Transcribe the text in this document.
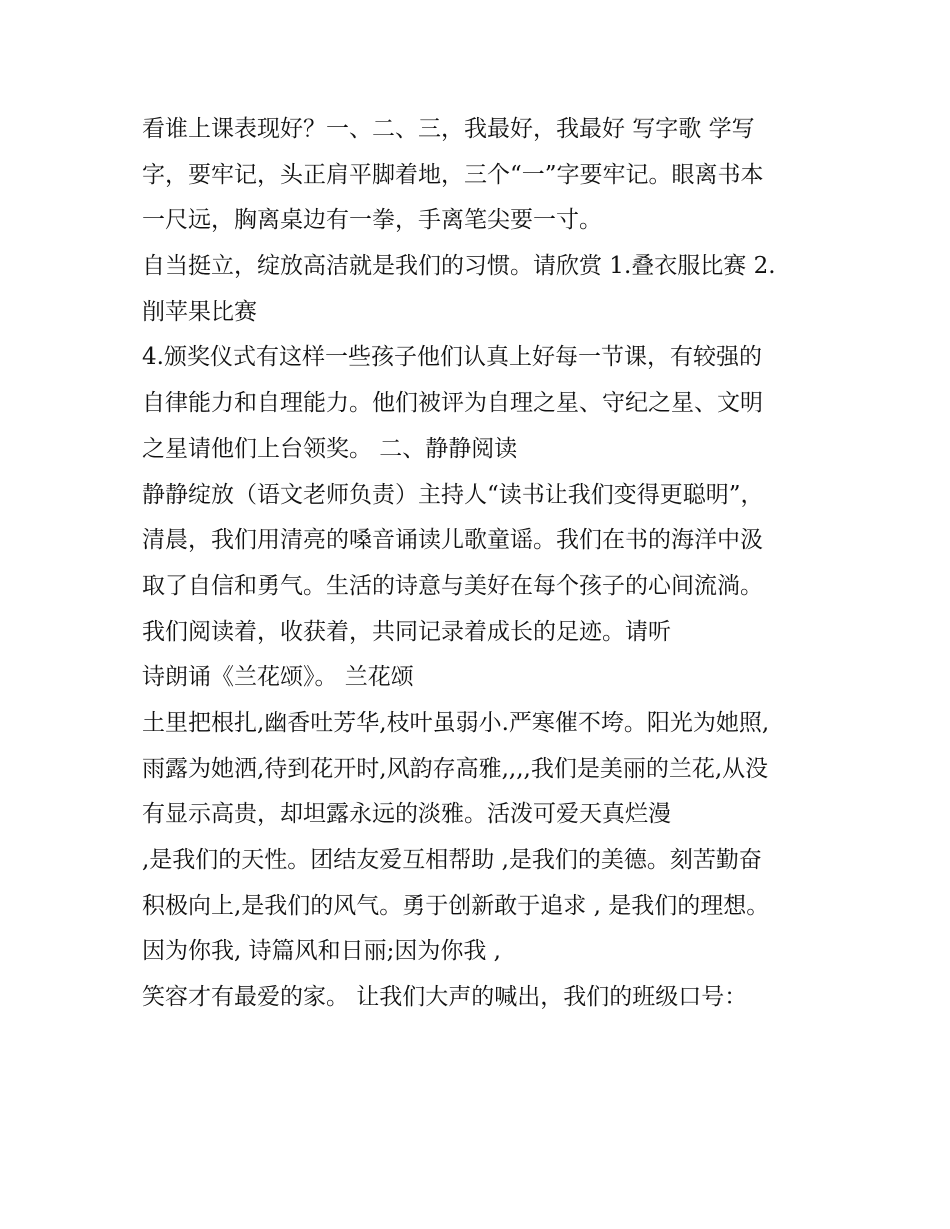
看谁上课表现好？一、二、三，我最好，我最好 写字歌 学写
字，要牢记，头正肩平脚着地，三个“一”字要牢记。眼离书本
一尺远，胸离桌边有一拳，手离笔尖要一寸。
自当挺立，绽放高洁就是我们的习惯。请欣赏 1.叠衣服比赛 2.
削苹果比赛
4.颁奖仪式有这样一些孩子他们认真上好每一节课，有较强的
自律能力和自理能力。他们被评为自理之星、守纪之星、文明
之星请他们上台领奖。 二、静静阅读
静静绽放（语文老师负责）主持人“读书让我们变得更聪明”，
清晨，我们用清亮的嗓音诵读儿歌童谣。我们在书的海洋中汲
取了自信和勇气。生活的诗意与美好在每个孩子的心间流淌。
我们阅读着，收获着，共同记录着成长的足迹。请听
诗朗诵《兰花颂》。 兰花颂
土里把根扎,幽香吐芳华,枝叶虽弱小.严寒催不垮。阳光为她照,
雨露为她洒,待到花开时,风韵存高雅,,,,我们是美丽的兰花,从没
有显示高贵，却坦露永远的淡雅。活泼可爱天真烂漫
,是我们的天性。团结友爱互相帮助 ,是我们的美德。刻苦勤奋
积极向上,是我们的风气。勇于创新敢于追求 , 是我们的理想。
因为你我, 诗篇风和日丽;因为你我 ,
笑容才有最爱的家。 让我们大声的喊出，我们的班级口号：
